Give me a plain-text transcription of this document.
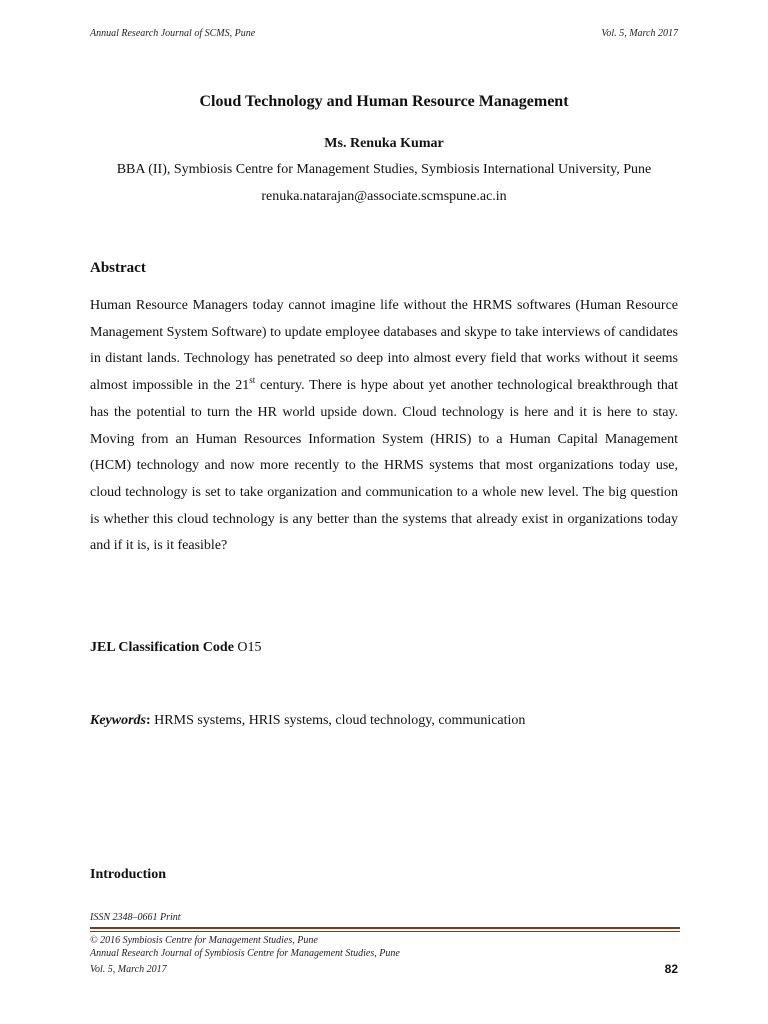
Annual Research Journal of SCMS, Pune	Vol. 5, March 2017
Cloud Technology and Human Resource Management
Ms. Renuka Kumar
BBA (II), Symbiosis Centre for Management Studies, Symbiosis International University, Pune
renuka.natarajan@associate.scmspune.ac.in
Abstract
Human Resource Managers today cannot imagine life without the HRMS softwares (Human Resource Management System Software) to update employee databases and skype to take interviews of candidates in distant lands. Technology has penetrated so deep into almost every field that works without it seems almost impossible in the 21st century. There is hype about yet another technological breakthrough that has the potential to turn the HR world upside down. Cloud technology is here and it is here to stay. Moving from an Human Resources Information System (HRIS) to a Human Capital Management (HCM) technology and now more recently to the HRMS systems that most organizations today use, cloud technology is set to take organization and communication to a whole new level. The big question is whether this cloud technology is any better than the systems that already exist in organizations today and if it is, is it feasible?
JEL Classification Code O15
Keywords: HRMS systems, HRIS systems, cloud technology, communication
Introduction
ISSN 2348–0661 Print
© 2016 Symbiosis Centre for Management Studies, Pune
Annual Research Journal of Symbiosis Centre for Management Studies, Pune
Vol. 5, March 2017	82
